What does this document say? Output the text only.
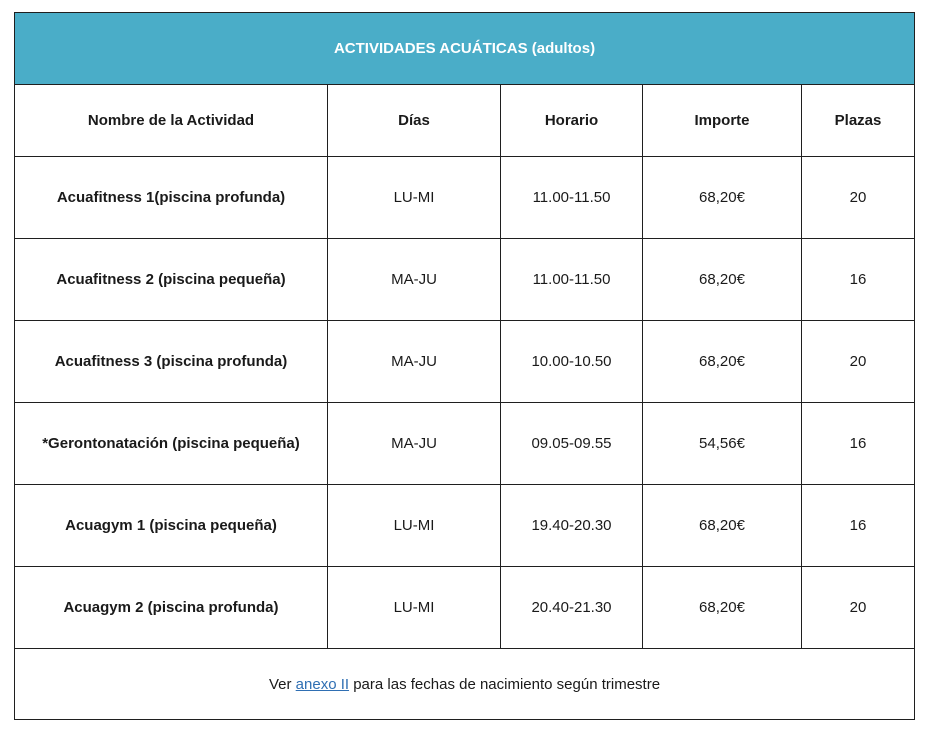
ACTIVIDADES ACUÁTICAS (adultos)				
Nombre de la Actividad	Días	Horario	Importe	Plazas
Acuafitness 1(piscina profunda)	LU-MI	11.00-11.50	68,20€	20
Acuafitness 2 (piscina pequeña)	MA-JU	11.00-11.50	68,20€	16
Acuafitness 3 (piscina profunda)	MA-JU	10.00-10.50	68,20€	20
*Gerontonatación (piscina pequeña)	MA-JU	09.05-09.55	54,56€	16
Acuagym 1 (piscina pequeña)	LU-MI	19.40-20.30	68,20€	16
Acuagym 2 (piscina profunda)	LU-MI	20.40-21.30	68,20€	20
Ver anexo II para las fechas de nacimiento según trimestre				
